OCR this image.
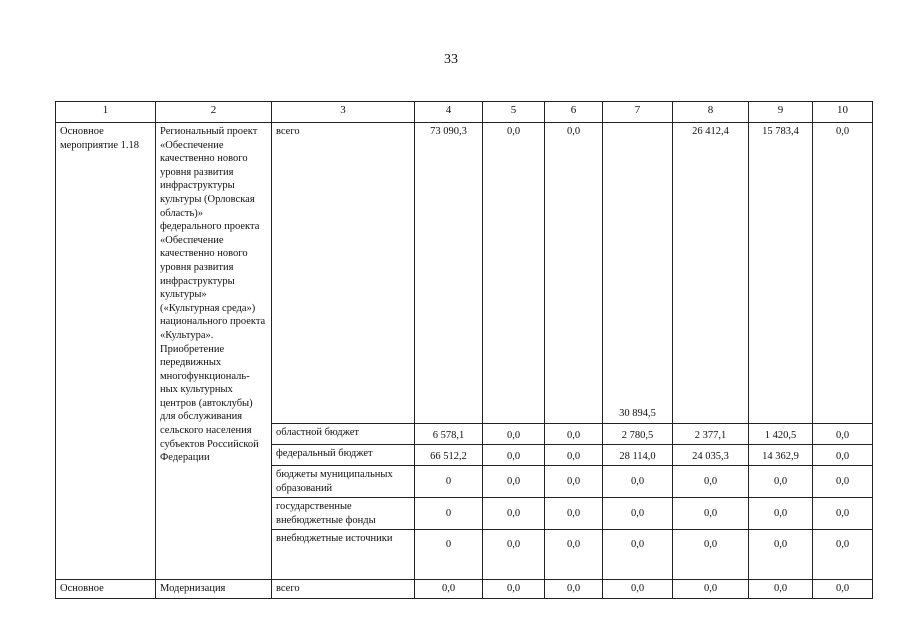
33
1	2	3	4	5	6	7	8	9	10
Основное мероприятие 1.18	Региональный проект «Обеспечение качественно нового уровня развития инфраструктуры культуры (Орловская область)» федерального проекта «Обеспечение качественно нового уровня развития инфраструктуры культуры» («Культурная среда») национального проекта «Культура». Приобретение передвижных многофункциональ-ных культурных центров (автоклубы) для обслуживания сельского населения субъектов Российской Федерации	всего	73 090,3	0,0	0,0	30 894,5	26 412,4	15 783,4	0,0
		областной бюджет	6 578,1	0,0	0,0	2 780,5	2 377,1	1 420,5	0,0
		федеральный бюджет	66 512,2	0,0	0,0	28 114,0	24 035,3	14 362,9	0,0
		бюджеты муниципальных образований	0	0,0	0,0	0,0	0,0	0,0	0,0
		государственные внебюджетные фонды	0	0,0	0,0	0,0	0,0	0,0	0,0
		внебюджетные источники	0	0,0	0,0	0,0	0,0	0,0	0,0
Основное	Модернизация	всего	0,0	0,0	0,0	0,0	0,0	0,0	0,0
